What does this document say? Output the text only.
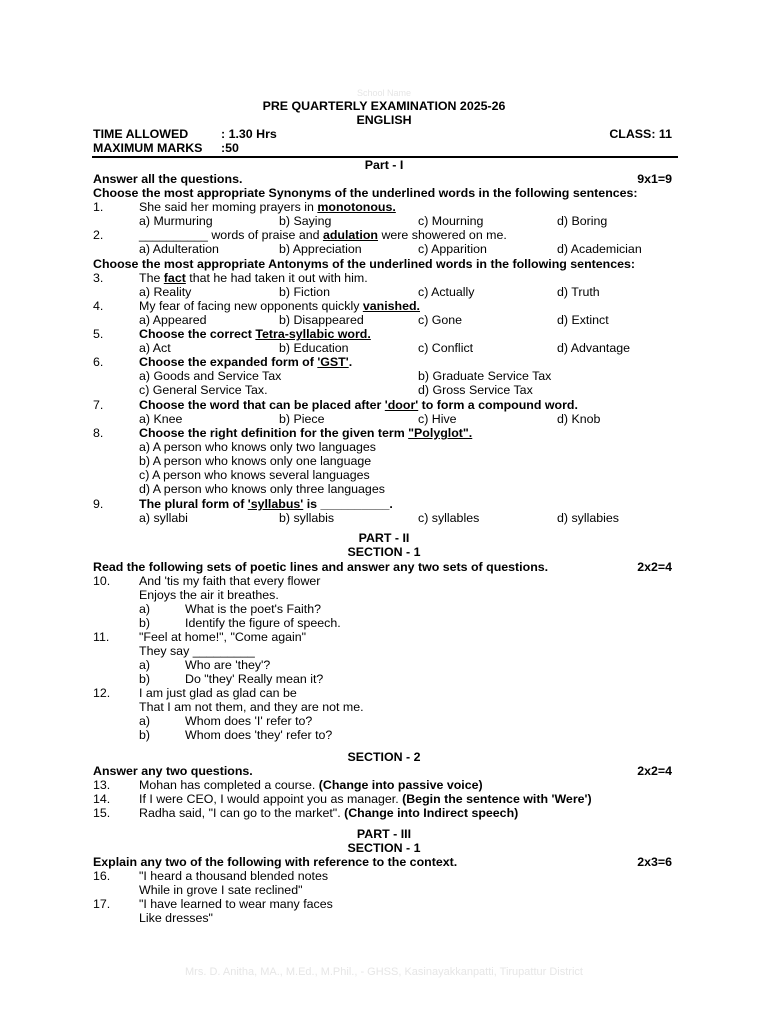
School Name
PRE QUARTERLY EXAMINATION 2025-26
ENGLISH
TIME ALLOWED	: 1.30 Hrs	CLASS: 11
MAXIMUM MARKS :50
Part - I
Answer all the questions.	9x1=9
Choose the most appropriate Synonyms of the underlined words in the following sentences:
1.	She said her moming prayers in monotonous.
a) Murmuring	b) Saying	c) Mourning	d) Boring
2.	__________ words of praise and adulation were showered on me.
a) Adulteration	b) Appreciation	c) Apparition	d) Academician
Choose the most appropriate Antonyms of the underlined words in the following sentences:
3.	The fact that he had taken it out with him.
a) Reality	b) Fiction	c) Actually	d) Truth
4.	My fear of facing new opponents quickly vanished.
a) Appeared	b) Disappeared	c) Gone	d) Extinct
5.	Choose the correct Tetra-syllabic word.
a) Act	b) Education	c) Conflict	d) Advantage
6.	Choose the expanded form of 'GST'.
a) Goods and Service Tax	b) Graduate Service Tax
c) General Service Tax.	d) Gross Service Tax
7.	Choose the word that can be placed after 'door' to form a compound word.
a) Knee	b) Piece	c) Hive	d) Knob
8.	Choose the right definition for the given term "Polyglot".
a) A person who knows only two languages
b) A person who knows only one language
c) A person who knows several languages
d) A person who knows only three languages
9.	The plural form of 'syllabus' is __________.
a) syllabi	b) syllabis	c) syllables	d) syllabies
PART - II
SECTION - 1
Read the following sets of poetic lines and answer any two sets of questions.	2x2=4
10. And 'tis my faith that every flower
Enjoys the air it breathes.
a)	What is the poet's Faith?
b)	Identify the figure of speech.
11. "Feel at home!", "Come again"
They say _________
a)	Who are 'they'?
b)	Do "they' Really mean it?
12. I am just glad as glad can be
That I am not them, and they are not me.
a)	Whom does 'I' refer to?
b)	Whom does 'they' refer to?
SECTION - 2
Answer any two questions.	2x2=4
13. Mohan has completed a course. (Change into passive voice)
14. If I were CEO, I would appoint you as manager. (Begin the sentence with 'Were')
15. Radha said, "I can go to the market". (Change into Indirect speech)
PART - III
SECTION - 1
Explain any two of the following with reference to the context.	2x3=6
16. "I heard a thousand blended notes
While in grove I sate reclined"
17. "I have learned to wear many faces
Like dresses"
Mrs. D. Anitha, MA., M.Ed., M.Phil., - GHSS, Kasinayakkanpatti, Tirupattur District
